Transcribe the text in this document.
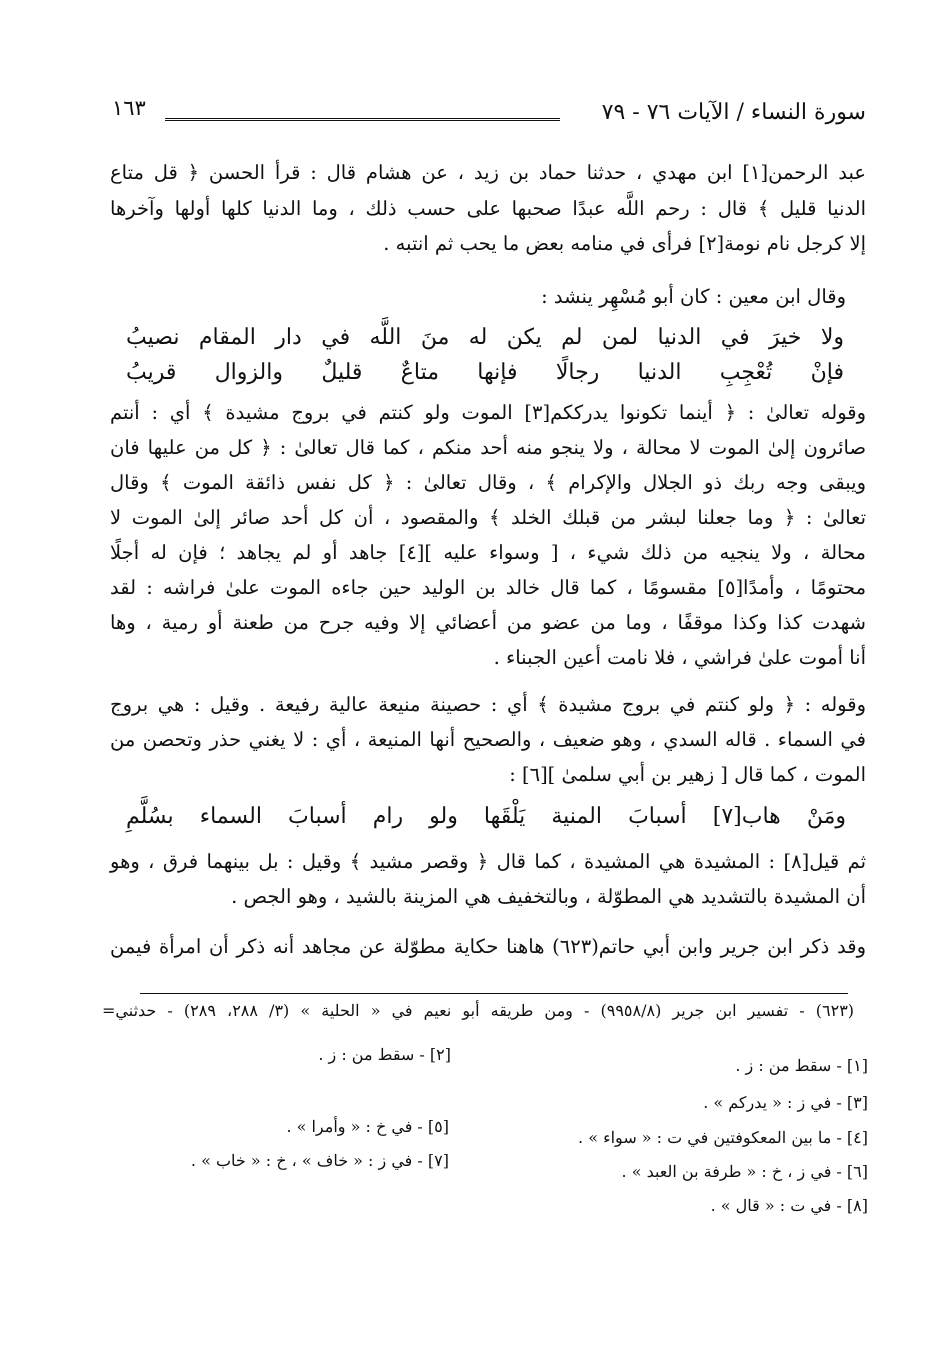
١٦٣	سورة النساء / الآيات ٧٦ - ٧٩
عبد الرحمن[١] ابن مهدي ، حدثنا حماد بن زيد ، عن هشام قال : قرأ الحسن ﴿ قل متاع
الدنيا قليل ﴾ قال : رحم اللَّه عبدًا صحبها على حسب ذلك ، وما الدنيا كلها أولها وآخرها
إلا كرجل نام نومة[٢] فرأى في منامه بعض ما يحب ثم انتبه .
وقال ابن معين : كان أبو مُسْهِر ينشد :
ولا خيرَ في الدنيا لمن لم يكن له منَ اللَّه في دار المقام نصيبُ
فإنْ تُعْجِبِ الدنيا رجالًا فإنها متاعٌ قليلٌ والزوال قريبُ
وقوله تعالىٰ : ﴿ أينما تكونوا يدرككم[٣] الموت ولو كنتم في بروج مشيدة ﴾ أي : أنتم
صائرون إلىٰ الموت لا محالة ، ولا ينجو منه أحد منكم ، كما قال تعالىٰ : ﴿ كل من عليها فان
ويبقى وجه ربك ذو الجلال والإكرام ﴾ ، وقال تعالىٰ : ﴿ كل نفس ذائقة الموت ﴾ وقال
تعالىٰ : ﴿ وما جعلنا لبشر من قبلك الخلد ﴾ والمقصود ، أن كل أحد صائر إلىٰ الموت لا
محالة ، ولا ينجيه من ذلك شيء ، [ وسواء عليه ][٤] جاهد أو لم يجاهد ؛ فإن له أجلًا
محتومًا ، وأمدًا[٥] مقسومًا ، كما قال خالد بن الوليد حين جاءه الموت علىٰ فراشه : لقد
شهدت كذا وكذا موقفًا ، وما من عضو من أعضائي إلا وفيه جرح من طعنة أو رمية ، وها
أنا أموت علىٰ فراشي ، فلا نامت أعين الجبناء .
وقوله : ﴿ ولو كنتم في بروج مشيدة ﴾ أي : حصينة منيعة عالية رفيعة . وقيل : هي بروج
في السماء . قاله السدي ، وهو ضعيف ، والصحيح أنها المنيعة ، أي : لا يغني حذر وتحصن من
الموت ، كما قال [ زهير بن أبي سلمىٰ ][٦] :
ومَنْ هاب[٧] أسبابَ المنية يَلْقَها ولو رام أسبابَ السماء بسُلَّمِ
ثم قيل[٨] : المشيدة هي المشيدة ، كما قال ﴿ وقصر مشيد ﴾ وقيل : بل بينهما فرق ، وهو
أن المشيدة بالتشديد هي المطوّلة ، وبالتخفيف هي المزينة بالشيد ، وهو الجص .
وقد ذكر ابن جرير وابن أبي حاتم(٦٢٣) هاهنا حكاية مطوّلة عن مجاهد أنه ذكر أن امرأة فيمن
(٦٢٣) - تفسير ابن جرير (٩٩٥٨/٨) - ومن طريقه أبو نعيم في « الحلية » (٣/ ٢٨٨، ٢٨٩) - حدثني=
[١] - سقط من : ز .
[٢] - سقط من : ز .
[٣] - في ز : « يدركم » .
[٤] - ما بين المعكوفتين في ت : « سواء » .
[٥] - في خ : « وأمرا » .
[٦] - في ز ، خ : « طرفة بن العبد » .
[٧] - في ز : « خاف » ، خ : « خاب » .
[٨] - في ت : « قال » .
